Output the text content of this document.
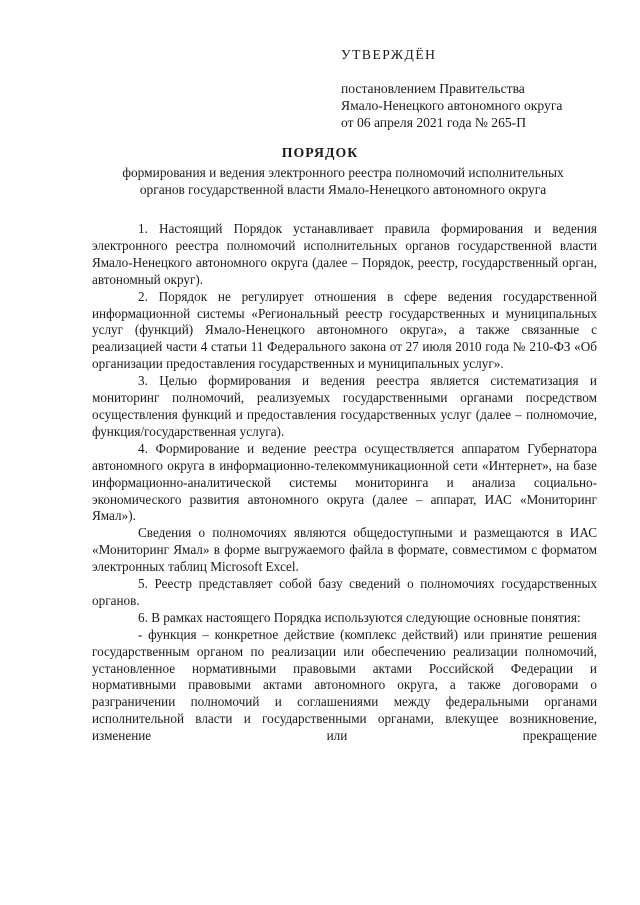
УТВЕРЖДЁН
постановлением Правительства
Ямало-Ненецкого автономного округа
от 06 апреля 2021 года № 265-П
ПОРЯДОК
формирования и ведения электронного реестра полномочий исполнительных
органов государственной власти Ямало-Ненецкого автономного округа

1. Настоящий Порядок устанавливает правила формирования и ведения электронного реестра полномочий исполнительных органов государственной власти Ямало-Ненецкого автономного округа (далее – Порядок, реестр, государственный орган, автономный округ).

2. Порядок не регулирует отношения в сфере ведения государственной информационной системы «Региональный реестр государственных и муниципальных услуг (функций) Ямало-Ненецкого автономного округа», а также связанные с реализацией части 4 статьи 11 Федерального закона от 27 июля 2010 года № 210-ФЗ «Об организации предоставления государственных и муниципальных услуг».

3. Целью формирования и ведения реестра является систематизация и мониторинг полномочий, реализуемых государственными органами посредством осуществления функций и предоставления государственных услуг (далее – полномочие, функция/государственная услуга).

4. Формирование и ведение реестра осуществляется аппаратом Губернатора автономного округа в информационно-телекоммуникационной сети «Интернет», на базе информационно-аналитической системы мониторинга и анализа социально-экономического развития автономного округа (далее – аппарат, ИАС «Мониторинг Ямал»).

Сведения о полномочиях являются общедоступными и размещаются в ИАС «Мониторинг Ямал» в форме выгружаемого файла в формате, совместимом с форматом электронных таблиц Microsoft Excel.

5. Реестр представляет собой базу сведений о полномочиях государственных органов.

6. В рамках настоящего Порядка используются следующие основные понятия:

- функция – конкретное действие (комплекс действий) или принятие решения государственным органом по реализации или обеспечению реализации полномочий, установленное нормативными правовыми актами Российской Федерации и нормативными правовыми актами автономного округа, а также договорами о разграничении полномочий и соглашениями между федеральными органами исполнительной власти и государственными органами, влекущее возникновение, изменение или прекращение
